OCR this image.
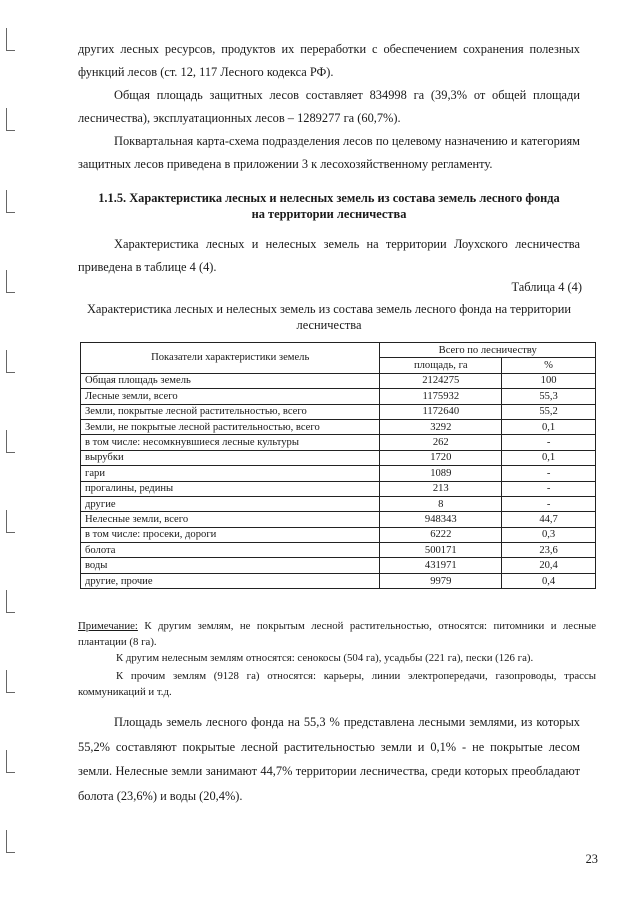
других лесных ресурсов, продуктов их переработки с обеспечением сохранения полезных функций лесов (ст. 12, 117 Лесного кодекса РФ).

Общая площадь защитных лесов составляет 834998 га (39,3% от общей площади лесничества), эксплуатационных лесов – 1289277 га (60,7%).

Поквартальная карта-схема подразделения лесов по целевому назначению и категориям защитных лесов приведена в приложении 3 к лесохозяйственному регламенту.

1.1.5. Характеристика лесных и нелесных земель из состава земель лесного фонда
на территории лесничества

Характеристика лесных и нелесных земель на территории Лоухского лесничества приведена в таблице 4 (4).

Таблица 4 (4)
Характеристика лесных и нелесных земель из состава земель лесного фонда на территории
лесничества
Показатели характеристики земель	Всего по лесничеству	
	площадь, га	%
Общая площадь земель	2124275	100
Лесные земли, всего	1175932	55,3
Земли, покрытые лесной растительностью, всего	1172640	55,2
Земли, не покрытые лесной растительностью, всего	3292	0,1
в том числе: несомкнувшиеся лесные культуры	262	-
вырубки	1720	0,1
гари	1089	-
прогалины, редины	213	-
другие	8	-
Нелесные земли, всего	948343	44,7
в том числе: просеки, дороги	6222	0,3
болота	500171	23,6
воды	431971	20,4
другие, прочие	9979	0,4

Примечание: К другим землям, не покрытым лесной растительностью, относятся: питомники и лесные плантации (8 га).

К другим нелесным землям относятся: сенокосы (504 га), усадьбы (221 га), пески (126 га).

К прочим землям (9128 га) относятся: карьеры, линии электропередачи, газопроводы, трассы коммуникаций и т.д.

Площадь земель лесного фонда на 55,3 % представлена лесными землями, из которых 55,2% составляют покрытые лесной растительностью земли и 0,1% - не покрытые лесом земли. Нелесные земли занимают 44,7% территории лесничества, среди которых преобладают болота (23,6%) и воды (20,4%).

23
